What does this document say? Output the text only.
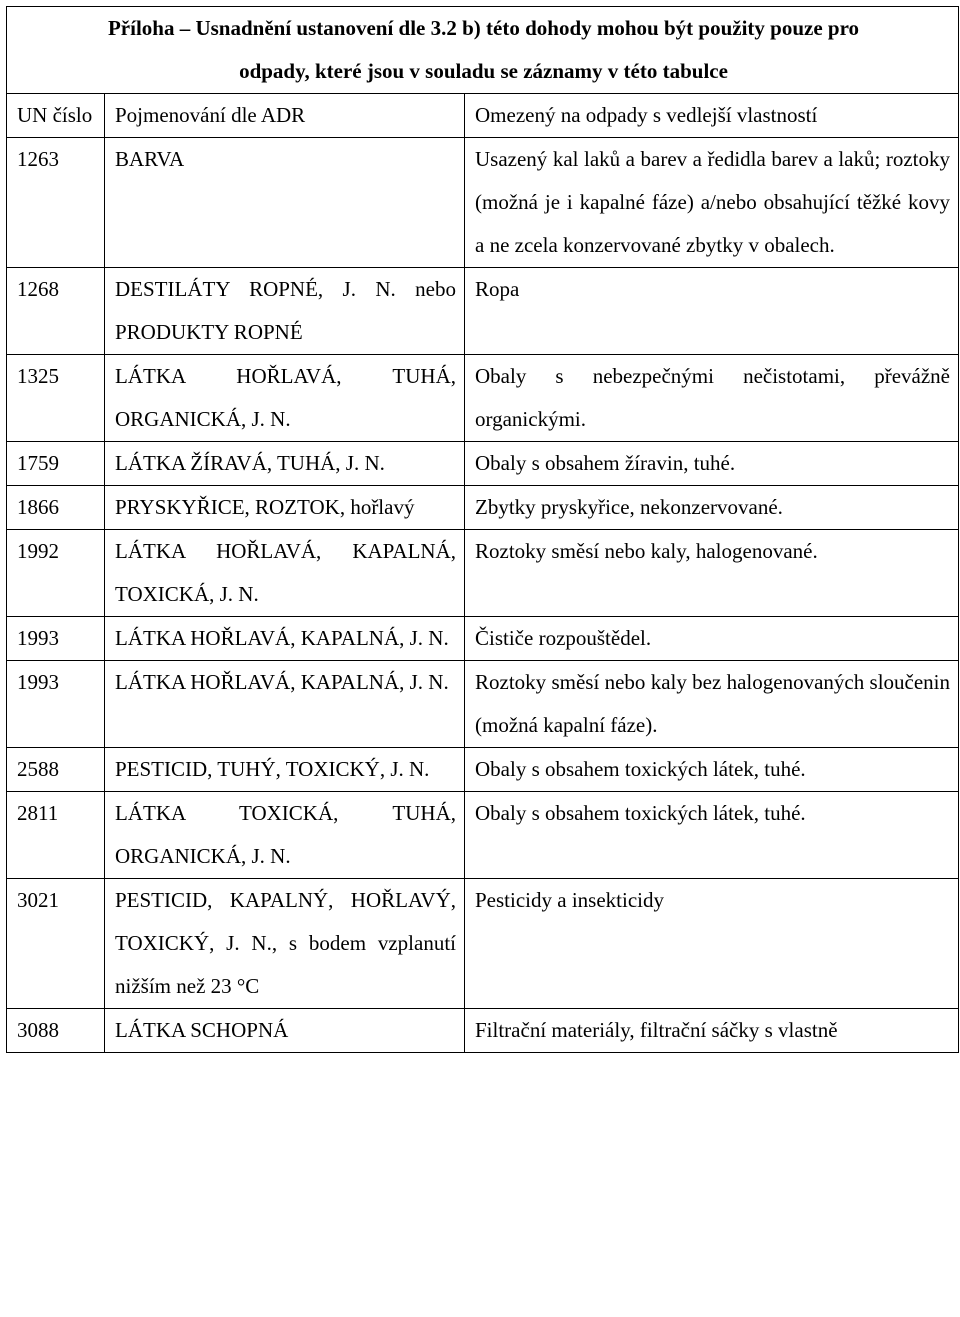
Příloha – Usnadnění ustanovení dle 3.2 b) této dohody mohou být použity pouze pro
odpady, které jsou v souladu se záznamy v této tabulce		

UN číslo	Pojmenování dle ADR	Omezený na odpady s vedlejší vlastností
1263	BARVA	Usazený kal laků a barev a ředidla barev a laků; roztoky (možná je i kapalné fáze) a/nebo obsahující těžké kovy a ne zcela konzervované zbytky v obalech.
1268	DESTILÁTY ROPNÉ, J. N. nebo PRODUKTY ROPNÉ	Ropa
1325	LÁTKA HOŘLAVÁ, TUHÁ, ORGANICKÁ, J. N.	Obaly s nebezpečnými nečistotami, převážně organickými.
1759	LÁTKA ŽÍRAVÁ, TUHÁ, J. N.	Obaly s obsahem žíravin, tuhé.
1866	PRYSKYŘICE, ROZTOK, hořlavý	Zbytky pryskyřice, nekonzervované.
1992	LÁTKA HOŘLAVÁ, KAPALNÁ, TOXICKÁ, J. N.	Roztoky směsí nebo kaly, halogenované.
1993	LÁTKA HOŘLAVÁ, KAPALNÁ, J. N.	Čističe rozpouštědel.
1993	LÁTKA HOŘLAVÁ, KAPALNÁ, J. N.	Roztoky směsí nebo kaly bez halogenovaných sloučenin (možná kapalní fáze).
2588	PESTICID, TUHÝ, TOXICKÝ, J. N.	Obaly s obsahem toxických látek, tuhé.
2811	LÁTKA TOXICKÁ, TUHÁ, ORGANICKÁ, J. N.	Obaly s obsahem toxických látek, tuhé.
3021	PESTICID, KAPALNÝ, HOŘLAVÝ, TOXICKÝ, J. N., s bodem vzplanutí nižším než 23 °C	Pesticidy a insekticidy
3088	LÁTKA SCHOPNÁ	Filtrační materiály, filtrační sáčky s vlastně
